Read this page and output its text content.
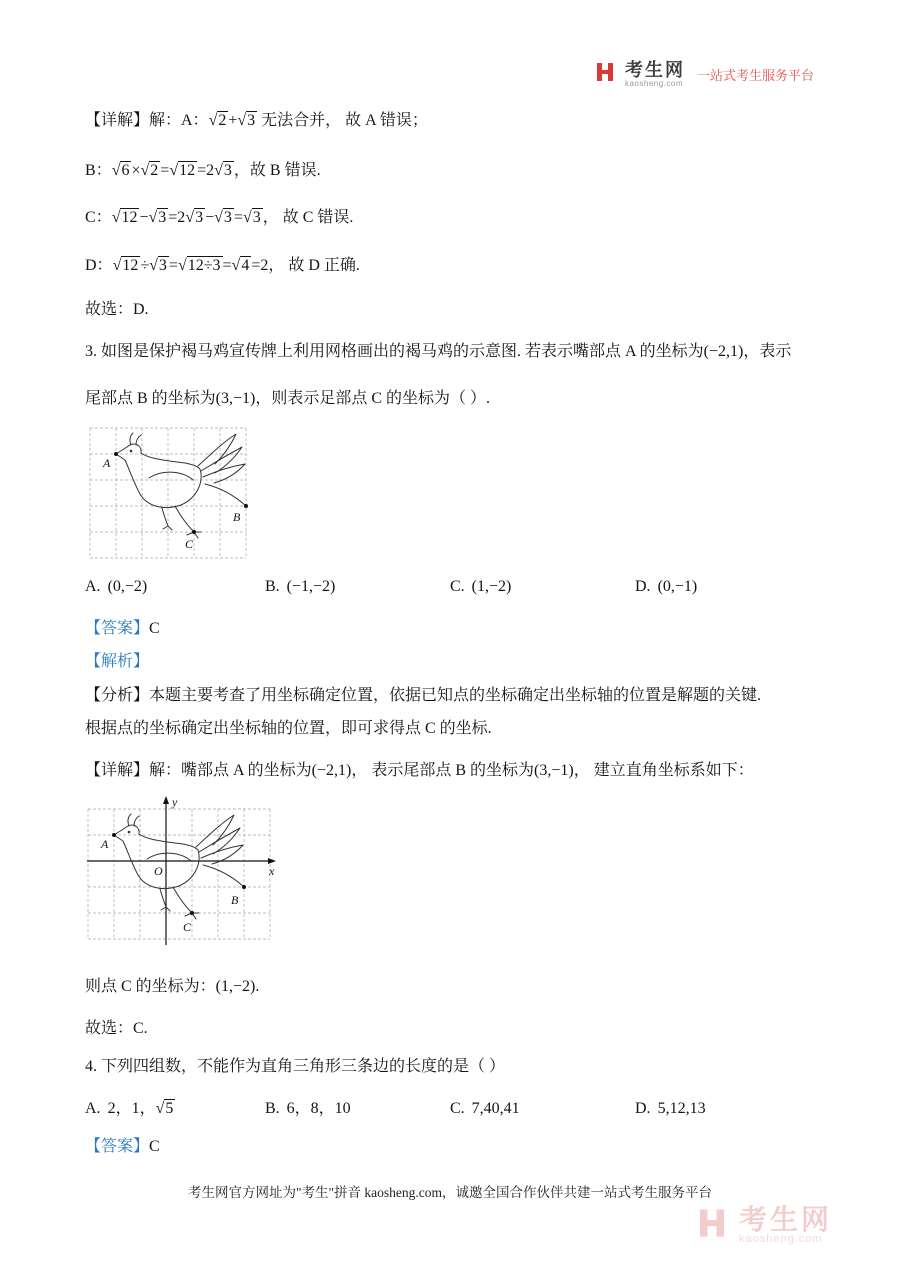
考生网
kaosheng.com
一站式考生服务平台
【详解】解：A：√2 +√3 无法合并， 故 A 错误；
B：√6 ×√2 =√12 =2√3 ，故 B 错误.
C：√12 −√3 =2√3 −√3 =√3 ， 故 C 错误.
D：√12 ÷√3 =√12÷3 =√4 =2， 故 D 正确.
故选：D.
3. 如图是保护褐马鸡宣传牌上利用网格画出的褐马鸡的示意图. 若表示嘴部点 A 的坐标为(−2,1)，表示
尾部点 B 的坐标为(3,−1)，则表示足部点 C 的坐标为（ ）.
A
B
C
A. (0,−2)	B. (−1,−2)	C. (1,−2)	D. (0,−1)
【答案】C
【解析】
【分析】本题主要考查了用坐标确定位置，依据已知点的坐标确定出坐标轴的位置是解题的关键.
根据点的坐标确定出坐标轴的位置，即可求得点 C 的坐标.
【详解】解：嘴部点 A 的坐标为(−2,1)， 表示尾部点 B 的坐标为(3,−1)， 建立直角坐标系如下：
y
x
O
A
B
C
则点 C 的坐标为：(1,−2).
故选：C.
4. 下列四组数，不能作为直角三角形三条边的长度的是（ ）
A. 2，1，√5	B. 6，8，10	C. 7,40,41	D. 5,12,13
【答案】C
考生网官方网址为"考生"拼音 kaosheng.com，诚邀全国合作伙伴共建一站式考生服务平台
考生网
kaosheng.com
